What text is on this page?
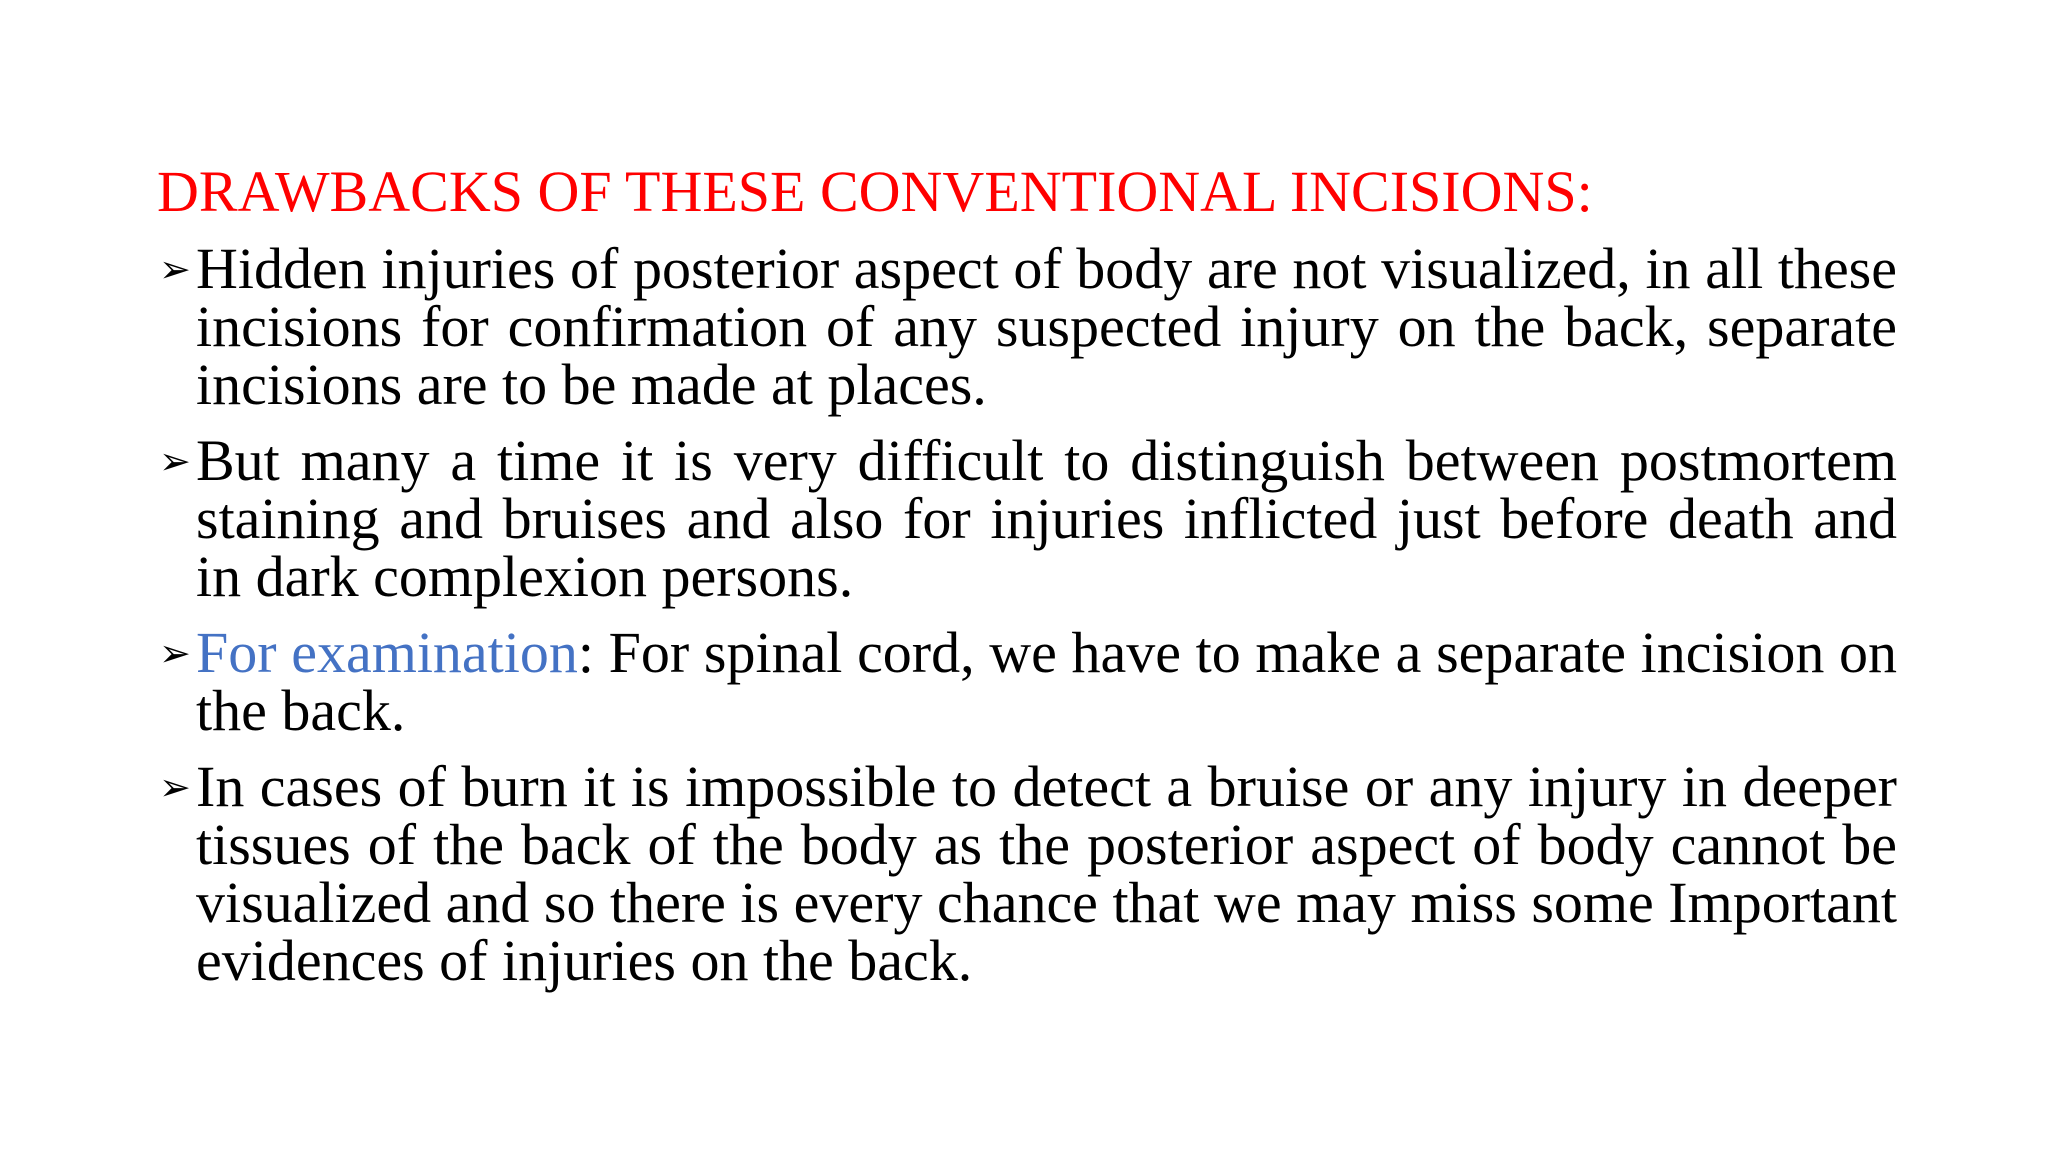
DRAWBACKS OF THESE CONVENTIONAL INCISIONS:
➢ Hidden injuries of posterior aspect of body are not visualized, in all these incisions for confirmation of any suspected injury on the back, separate incisions are to be made at places.
➢ But many a time it is very difficult to distinguish between postmortem staining and bruises and also for injuries inflicted just before death and in dark complexion persons.
➢ For examination: For spinal cord, we have to make a separate incision on the back.
➢ In cases of burn it is impossible to detect a bruise or any injury in deeper tissues of the back of the body as the posterior aspect of body cannot be visualized and so there is every chance that we may miss some Important evidences of injuries on the back.
